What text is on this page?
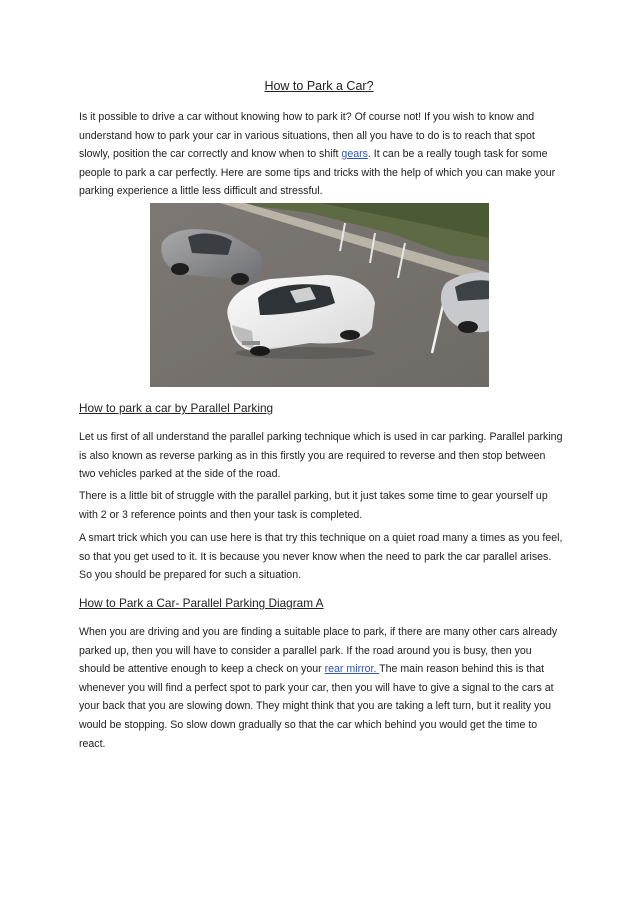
How to Park a Car?

Is it possible to drive a car without knowing how to park it? Of course not! If you wish to know and understand how to park your car in various situations, then all you have to do is to reach that spot slowly, position the car correctly and know when to shift gears. It can be a really tough task for some people to park a car perfectly. Here are some tips and tricks with the help of which you can make your parking experience a little less difficult and stressful.

How to park a car by Parallel Parking

Let us first of all understand the parallel parking technique which is used in car parking. Parallel parking is also known as reverse parking as in this firstly you are required to reverse and then stop between two vehicles parked at the side of the road.

There is a little bit of struggle with the parallel parking, but it just takes some time to gear yourself up with 2 or 3 reference points and then your task is completed.

A smart trick which you can use here is that try this technique on a quiet road many a times as you feel, so that you get used to it. It is because you never know when the need to park the car parallel arises. So you should be prepared for such a situation.

How to Park a Car- Parallel Parking Diagram A

When you are driving and you are finding a suitable place to park, if there are many other cars already parked up, then you will have to consider a parallel park. If the road around you is busy, then you should be attentive enough to keep a check on your rear mirror. The main reason behind this is that whenever you will find a perfect spot to park your car, then you will have to give a signal to the cars at your back that you are slowing down. They might think that you are taking a left turn, but it reality you would be stopping. So slow down gradually so that the car which behind you would get the time to react.
